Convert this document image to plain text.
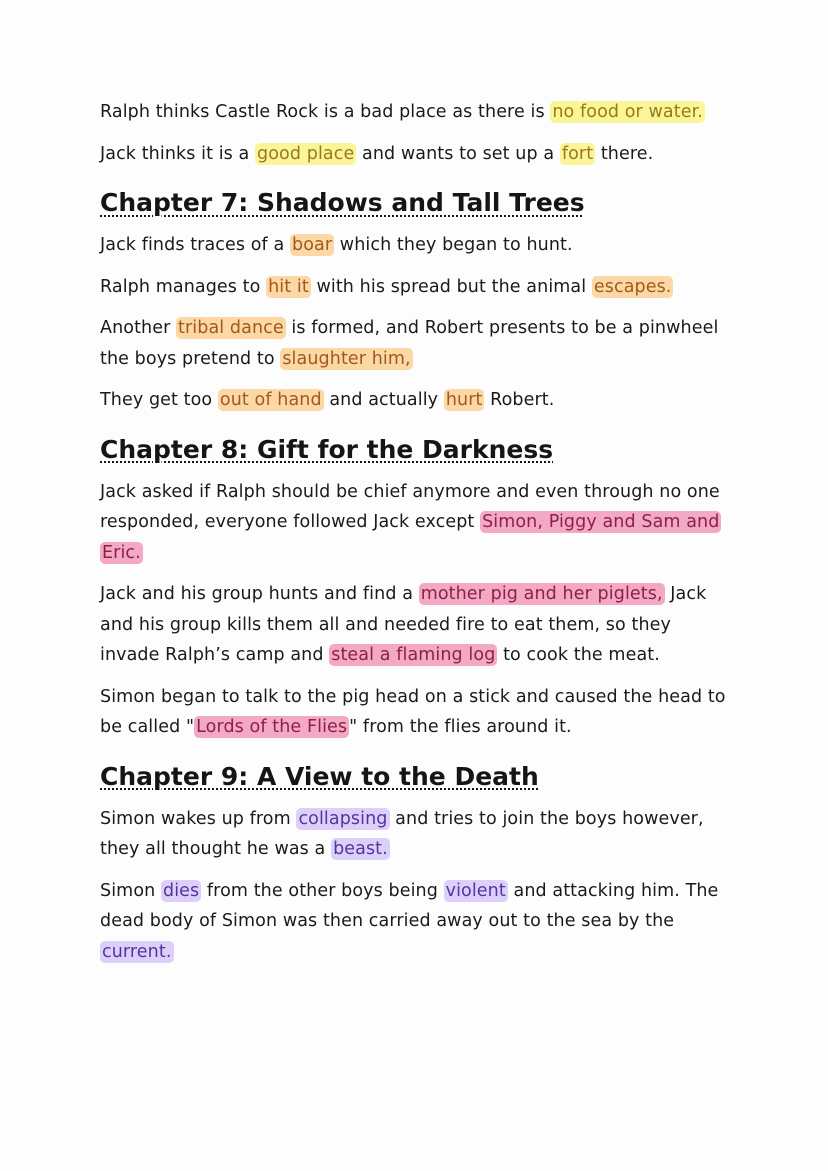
Ralph thinks Castle Rock is a bad place as there is no food or water.

Jack thinks it is a good place and wants to set up a fort there.

Chapter 7: Shadows and Tall Trees

Jack finds traces of a boar which they began to hunt.

Ralph manages to hit it with his spread but the animal escapes.

Another tribal dance is formed, and Robert presents to be a pinwheel the boys pretend to slaughter him,

They get too out of hand and actually hurt Robert.

Chapter 8: Gift for the Darkness

Jack asked if Ralph should be chief anymore and even through no one responded, everyone followed Jack except Simon, Piggy and Sam and Eric.

Jack and his group hunts and find a mother pig and her piglets, Jack and his group kills them all and needed fire to eat them, so they invade Ralph’s camp and steal a flaming log to cook the meat.

Simon began to talk to the pig head on a stick and caused the head to be called " Lords of the Flies " from the flies around it.

Chapter 9: A View to the Death

Simon wakes up from collapsing and tries to join the boys however, they all thought he was a beast.

Simon dies from the other boys being violent and attacking him. The dead body of Simon was then carried away out to the sea by the current.
